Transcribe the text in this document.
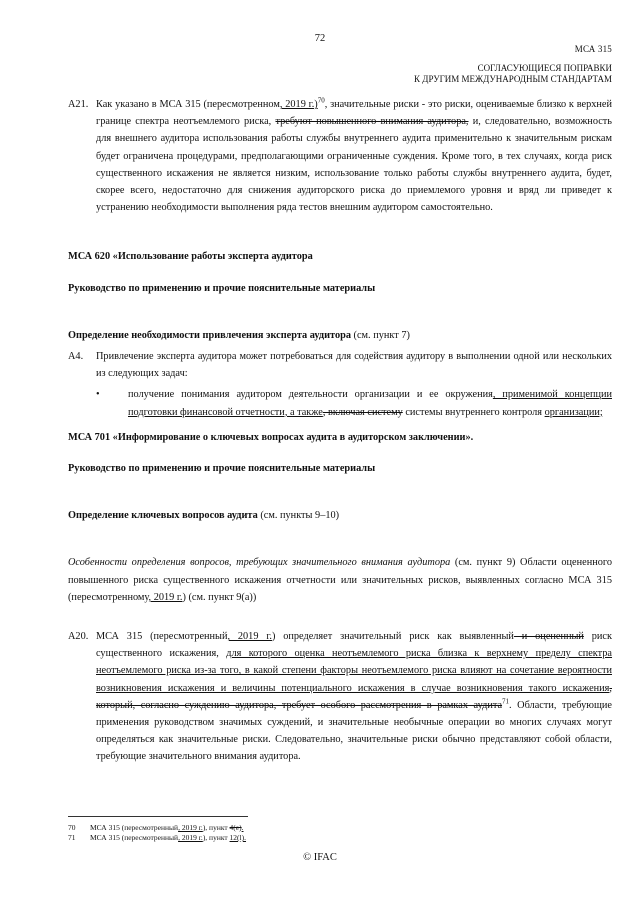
72
МСА 315
СОГЛАСУЮЩИЕСЯ ПОПРАВКИ
К ДРУГИМ МЕЖДУНАРОДНЫМ СТАНДАРТАМ
A21. Как указано в МСА 315 (пересмотренном, 2019 г.)$^{70}$, значительные риски - это риски, оцениваемые близко к верхней границе спектра неотъемлемого риска, требуют повышенного внимания аудитора, и, следовательно, возможность для внешнего аудитора использования работы службы внутреннего аудита применительно к значительным рискам будет ограничена процедурами, предполагающими ограниченные суждения. Кроме того, в тех случаях, когда риск существенного искажения не является низким, использование только работы службы внутреннего аудита, будет, скорее всего, недостаточно для снижения аудиторского риска до приемлемого уровня и вряд ли приведет к устранению необходимости выполнения ряда тестов внешним аудитором самостоятельно.
МСА 620 «Использование работы эксперта аудитора
Руководство по применению и прочие пояснительные материалы
Определение необходимости привлечения эксперта аудитора (см. пункт 7)
A4.	Привлечение эксперта аудитора может потребоваться для содействия аудитору в выполнении одной или нескольких из следующих задач:
•	получение понимания аудитором деятельности организации и ее окружения, применимой концепции подготовки финансовой отчетности, а также, включая систему системы внутреннего контроля организации;
МСА 701 «Информирование о ключевых вопросах аудита в аудиторском заключении».
Руководство по применению и прочие пояснительные материалы
Определение ключевых вопросов аудита (см. пункты 9–10)
Особенности определения вопросов, требующих значительного внимания аудитора (см. пункт 9) Области оцененного повышенного риска существенного искажения отчетности или значительных рисков, выявленных согласно МСА 315 (пересмотренному, 2019 г.) (см. пункт 9(a))
A20. МСА 315 (пересмотренный, 2019 г.) определяет значительный риск как выявленный и оцененный риск существенного искажения, для которого оценка неотъемлемого риска близка к верхнему пределу спектра неотъемлемого риска из-за того, в какой степени факторы неотъемлемого риска влияют на сочетание вероятности возникновения искажения и величины потенциального искажения в случае возникновения такого искажения, который, согласно суждению аудитора, требует особого рассмотрения в рамках аудита$^{71}$. Области, требующие применения руководством значимых суждений, и значительные необычные операции во многих случаях могут определяться как значительные риски. Следовательно, значительные риски обычно представляют собой области, требующие значительного внимания аудитора.
70	МСА 315 (пересмотренный, 2019 г.), пункт 4(e).
71	МСА 315 (пересмотренный, 2019 г.), пункт 12(l).
© IFAC
